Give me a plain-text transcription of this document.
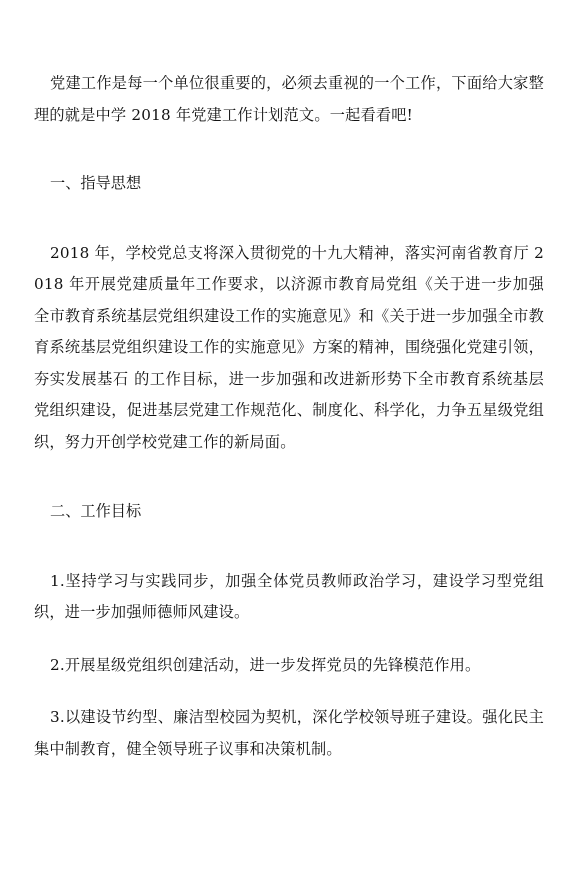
党建工作是每一个单位很重要的，必须去重视的一个工作，下面给大家整理的就是中学 2018 年党建工作计划范文。一起看看吧!

一、指导思想

2018 年，学校党总支将深入贯彻党的十九大精神，落实河南省教育厅 2018 年开展党建质量年工作要求，以济源市教育局党组《关于进一步加强全市教育系统基层党组织建设工作的实施意见》和《关于进一步加强全市教育系统基层党组织建设工作的实施意见》方案的精神，围绕强化党建引领，夯实发展基石 的工作目标，进一步加强和改进新形势下全市教育系统基层党组织建设，促进基层党建工作规范化、制度化、科学化，力争五星级党组织，努力开创学校党建工作的新局面。

二、工作目标

1.坚持学习与实践同步，加强全体党员教师政治学习，建设学习型党组织，进一步加强师德师风建设。

2.开展星级党组织创建活动，进一步发挥党员的先锋模范作用。

3.以建设节约型、廉洁型校园为契机，深化学校领导班子建设。强化民主集中制教育，健全领导班子议事和决策机制。
